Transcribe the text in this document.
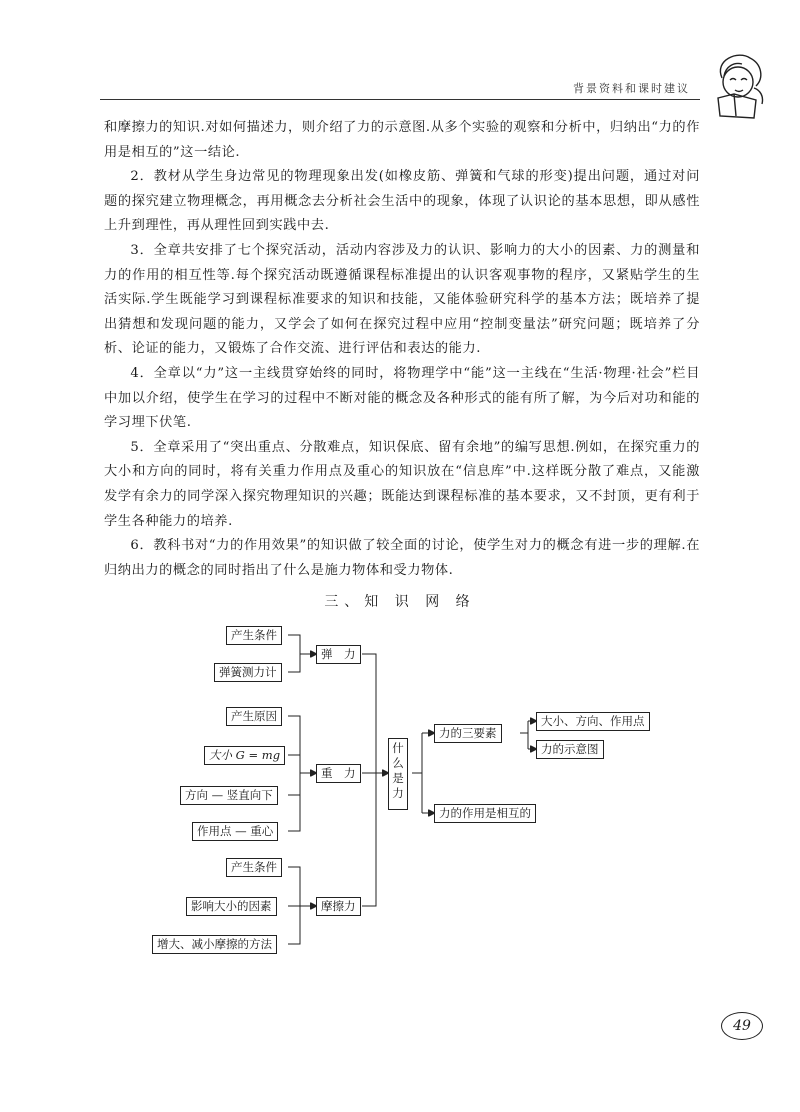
背景资料和课时建议

和摩擦力的知识.对如何描述力，则介绍了力的示意图.从多个实验的观察和分析中，归纳出“力的作用是相互的”这一结论.

2．教材从学生身边常见的物理现象出发(如橡皮筋、弹簧和气球的形变)提出问题，通过对问题的探究建立物理概念，再用概念去分析社会生活中的现象，体现了认识论的基本思想，即从感性上升到理性，再从理性回到实践中去.

3．全章共安排了七个探究活动，活动内容涉及力的认识、影响力的大小的因素、力的测量和力的作用的相互性等.每个探究活动既遵循课程标准提出的认识客观事物的程序，又紧贴学生的生活实际.学生既能学习到课程标准要求的知识和技能，又能体验研究科学的基本方法；既培养了提出猜想和发现问题的能力，又学会了如何在探究过程中应用“控制变量法”研究问题；既培养了分析、论证的能力，又锻炼了合作交流、进行评估和表达的能力.

4．全章以“力”这一主线贯穿始终的同时，将物理学中“能”这一主线在“生活·物理·社会”栏目中加以介绍，使学生在学习的过程中不断对能的概念及各种形式的能有所了解，为今后对功和能的学习埋下伏笔.

5．全章采用了“突出重点、分散难点，知识保底、留有余地”的编写思想.例如，在探究重力的大小和方向的同时，将有关重力作用点及重心的知识放在“信息库”中.这样既分散了难点，又能激发学有余力的同学深入探究物理知识的兴趣；既能达到课程标准的基本要求，又不封顶，更有利于学生各种能力的培养.

6．教科书对“力的作用效果”的知识做了较全面的讨论，使学生对力的概念有进一步的理解.在归纳出力的概念的同时指出了什么是施力物体和受力物体.

三、知 识 网 络
产生条件
弹簧测力计
产生原因
大小 G = mg
方向 — 竖直向下
作用点 — 重心
产生条件
影响大小的因素
增大、减小摩擦的方法
弹　力
重　力
摩擦力
什么是力
力的三要素
大小、方向、作用点
力的示意图
力的作用是相互的
49
